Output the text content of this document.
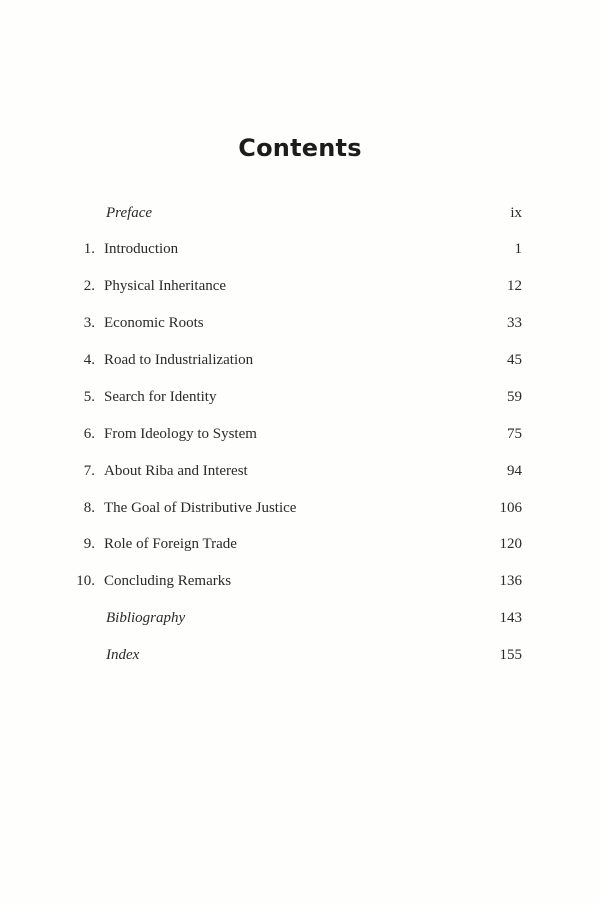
Contents
Preface	ix
1. Introduction	1
2. Physical Inheritance	12
3. Economic Roots	33
4. Road to Industrialization	45
5. Search for Identity	59
6. From Ideology to System	75
7. About Riba and Interest	94
8. The Goal of Distributive Justice	106
9. Role of Foreign Trade	120
10. Concluding Remarks	136
Bibliography	143
Index	155
